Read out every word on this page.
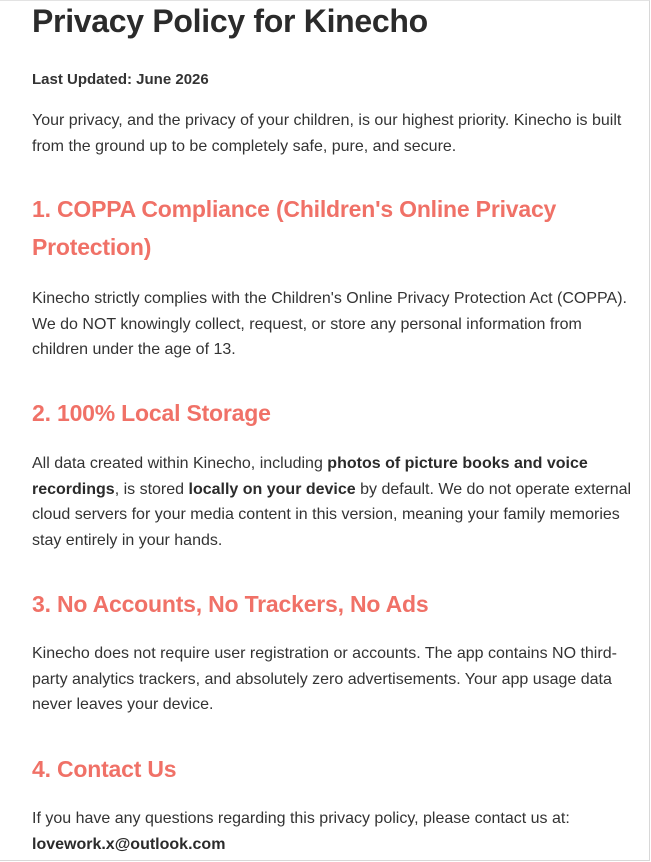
Privacy Policy for Kinecho
Last Updated: June 2026

Your privacy, and the privacy of your children, is our highest priority. Kinecho is built from the ground up to be completely safe, pure, and secure.

1. COPPA Compliance (Children's Online Privacy Protection)

Kinecho strictly complies with the Children's Online Privacy Protection Act (COPPA). We do NOT knowingly collect, request, or store any personal information from children under the age of 13.

2. 100% Local Storage

All data created within Kinecho, including photos of picture books and voice recordings, is stored locally on your device by default. We do not operate external cloud servers for your media content in this version, meaning your family memories stay entirely in your hands.

3. No Accounts, No Trackers, No Ads

Kinecho does not require user registration or accounts. The app contains NO third-party analytics trackers, and absolutely zero advertisements. Your app usage data never leaves your device.

4. Contact Us

If you have any questions regarding this privacy policy, please contact us at:
lovework.x@outlook.com
